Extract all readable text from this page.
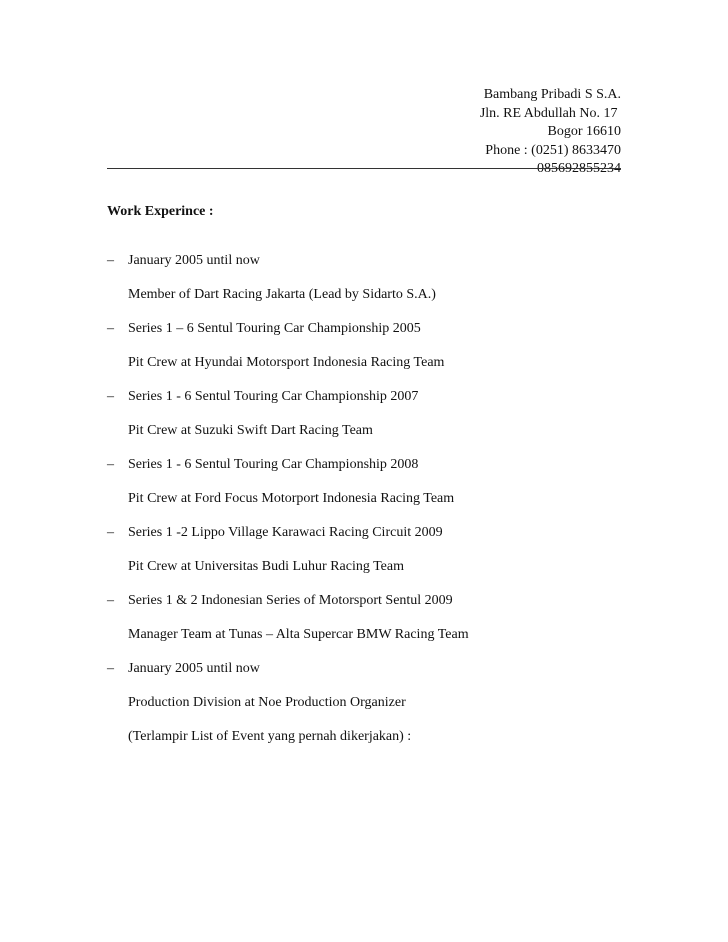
Bambang Pribadi S S.A.
Jln. RE Abdullah No. 17
Bogor 16610
Phone : (0251) 8633470
085692855234
Work Experince :
– January 2005 until now
Member of Dart Racing Jakarta (Lead by Sidarto S.A.)
– Series 1 – 6 Sentul Touring Car Championship 2005
Pit Crew at Hyundai Motorsport Indonesia Racing Team
– Series 1 - 6 Sentul Touring Car Championship 2007
Pit Crew at Suzuki Swift Dart Racing Team
– Series 1 - 6 Sentul Touring Car Championship 2008
Pit Crew at Ford Focus Motorport Indonesia Racing Team
– Series 1 -2 Lippo Village Karawaci Racing Circuit 2009
Pit Crew at Universitas Budi Luhur Racing Team
– Series 1 & 2 Indonesian Series of Motorsport Sentul 2009
Manager Team at Tunas – Alta Supercar BMW Racing Team
– January 2005 until now
Production Division at Noe Production Organizer
(Terlampir List of Event yang pernah dikerjakan) :
